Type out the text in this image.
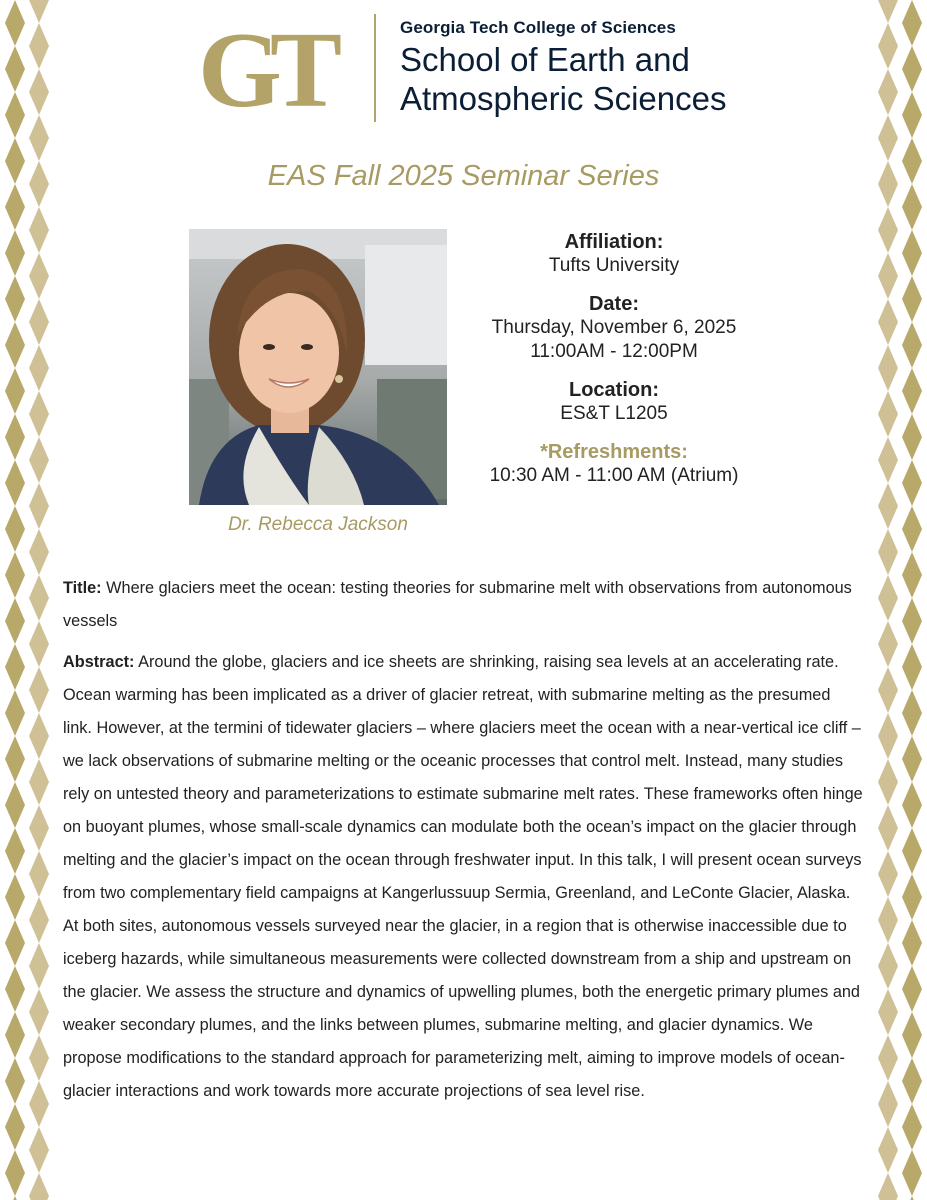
GT	Georgia Tech College of Sciences
School of Earth and
Atmospheric Sciences
EAS Fall 2025 Seminar Series
Dr. Rebecca Jackson
Affiliation:
Tufts University
Date:
Thursday, November 6, 2025
11:00AM - 12:00PM
Location:
ES&T L1205
*Refreshments:
10:30 AM - 11:00 AM (Atrium)
Title: Where glaciers meet the ocean: testing theories for submarine melt with observations from autonomous vessels
Abstract: Around the globe, glaciers and ice sheets are shrinking, raising sea levels at an accelerating rate. Ocean warming has been implicated as a driver of glacier retreat, with submarine melting as the presumed link. However, at the termini of tidewater glaciers – where glaciers meet the ocean with a near-vertical ice cliff – we lack observations of submarine melting or the oceanic processes that control melt. Instead, many studies rely on untested theory and parameterizations to estimate submarine melt rates. These frameworks often hinge on buoyant plumes, whose small-scale dynamics can modulate both the ocean’s impact on the glacier through melting and the glacier’s impact on the ocean through freshwater input. In this talk, I will present ocean surveys from two complementary field campaigns at Kangerlussuup Sermia, Greenland, and LeConte Glacier, Alaska. At both sites, autonomous vessels surveyed near the glacier, in a region that is otherwise inaccessible due to iceberg hazards, while simultaneous measurements were collected downstream from a ship and upstream on the glacier. We assess the structure and dynamics of upwelling plumes, both the energetic primary plumes and weaker secondary plumes, and the links between plumes, submarine melting, and glacier dynamics. We propose modifications to the standard approach for parameterizing melt, aiming to improve models of ocean-glacier interactions and work towards more accurate projections of sea level rise.
